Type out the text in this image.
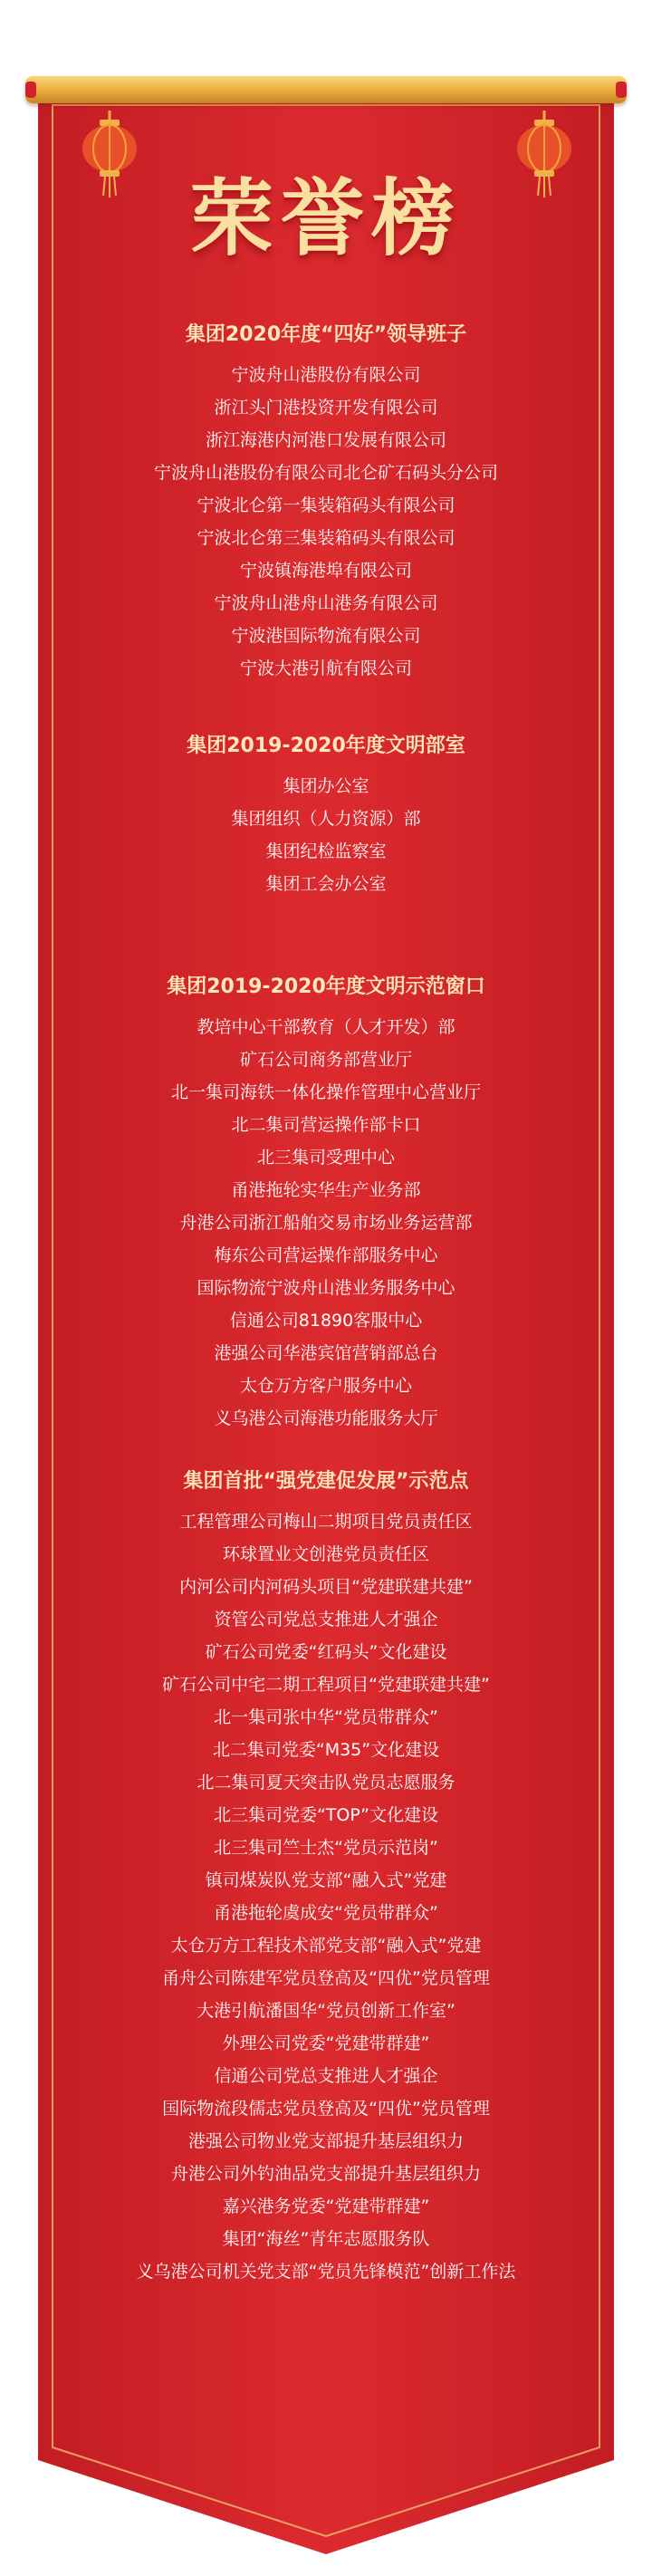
荣誉榜
集团2020年度“四好”领导班子
宁波舟山港股份有限公司
浙江头门港投资开发有限公司
浙江海港内河港口发展有限公司
宁波舟山港股份有限公司北仑矿石码头分公司
宁波北仑第一集装箱码头有限公司
宁波北仑第三集装箱码头有限公司
宁波镇海港埠有限公司
宁波舟山港舟山港务有限公司
宁波港国际物流有限公司
宁波大港引航有限公司
集团2019-2020年度文明部室
集团办公室
集团组织（人力资源）部
集团纪检监察室
集团工会办公室
集团2019-2020年度文明示范窗口
教培中心干部教育（人才开发）部
矿石公司商务部营业厅
北一集司海铁一体化操作管理中心营业厅
北二集司营运操作部卡口
北三集司受理中心
甬港拖轮实华生产业务部
舟港公司浙江船舶交易市场业务运营部
梅东公司营运操作部服务中心
国际物流宁波舟山港业务服务中心
信通公司81890客服中心
港强公司华港宾馆营销部总台
太仓万方客户服务中心
义乌港公司海港功能服务大厅
集团首批“强党建促发展”示范点
工程管理公司梅山二期项目党员责任区
环球置业文创港党员责任区
内河公司内河码头项目“党建联建共建”
资管公司党总支推进人才强企
矿石公司党委“红码头”文化建设
矿石公司中宅二期工程项目“党建联建共建”
北一集司张中华“党员带群众”
北二集司党委“M35”文化建设
北二集司夏天突击队党员志愿服务
北三集司党委“TOP”文化建设
北三集司竺士杰“党员示范岗”
镇司煤炭队党支部“融入式”党建
甬港拖轮虞成安“党员带群众”
太仓万方工程技术部党支部“融入式”党建
甬舟公司陈建军党员登高及“四优”党员管理
大港引航潘国华“党员创新工作室”
外理公司党委“党建带群建”
信通公司党总支推进人才强企
国际物流段儒志党员登高及“四优”党员管理
港强公司物业党支部提升基层组织力
舟港公司外钓油品党支部提升基层组织力
嘉兴港务党委“党建带群建”
集团“海丝”青年志愿服务队
义乌港公司机关党支部“党员先锋模范”创新工作法
